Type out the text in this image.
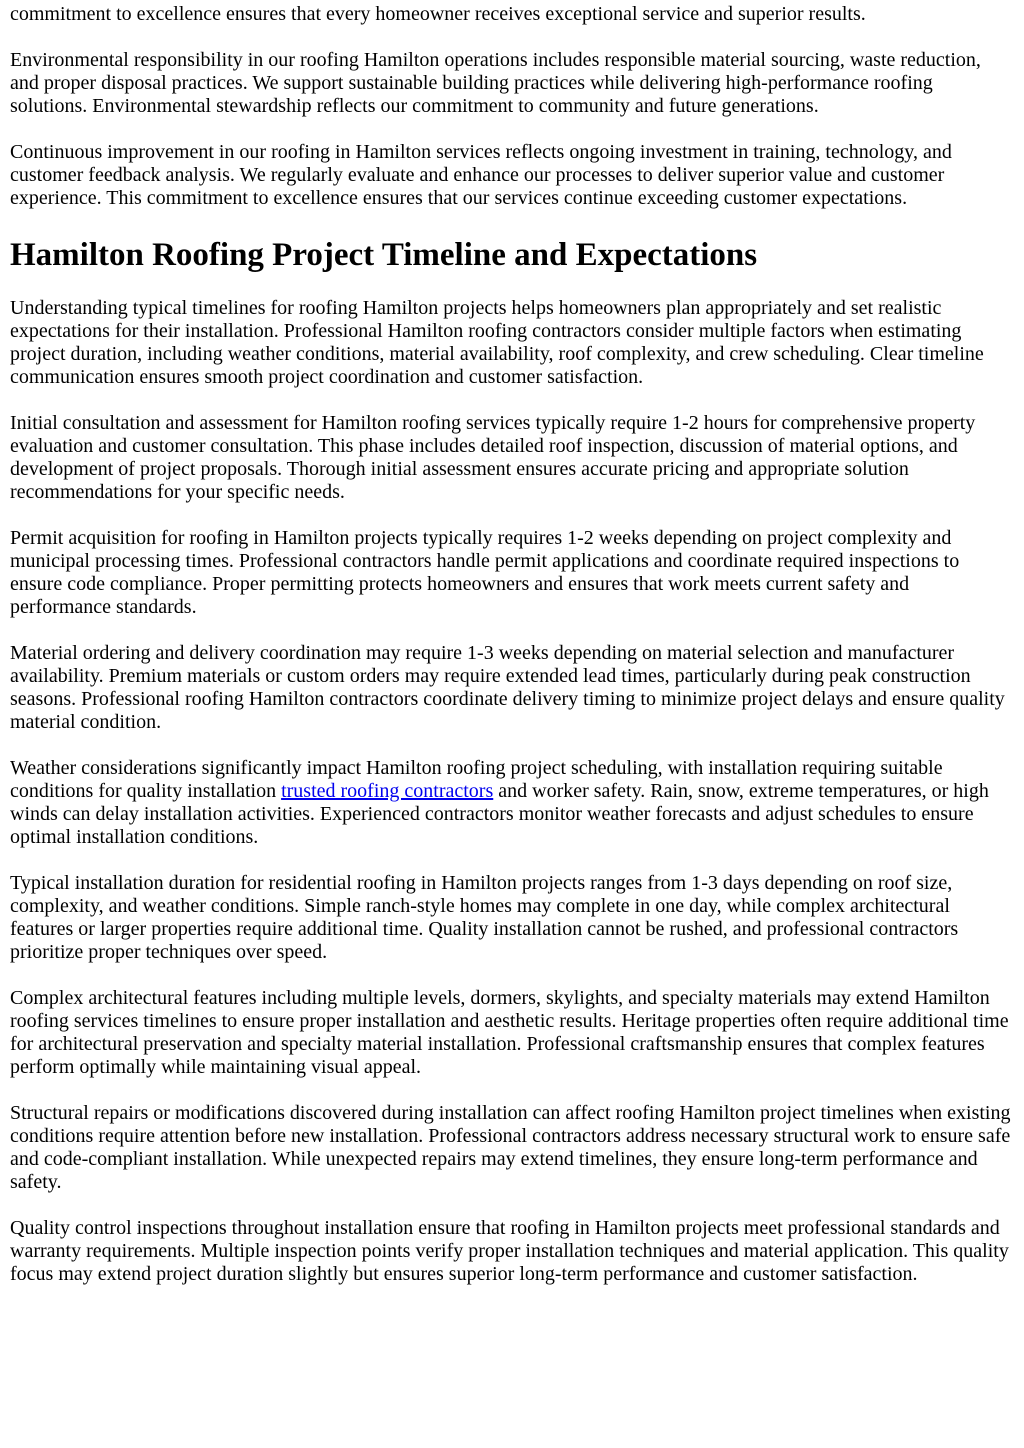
commitment to excellence ensures that every homeowner receives exceptional service and superior results.

Environmental responsibility in our roofing Hamilton operations includes responsible material sourcing, waste reduction, and proper disposal practices. We support sustainable building practices while delivering high-performance roofing solutions. Environmental stewardship reflects our commitment to community and future generations.

Continuous improvement in our roofing in Hamilton services reflects ongoing investment in training, technology, and customer feedback analysis. We regularly evaluate and enhance our processes to deliver superior value and customer experience. This commitment to excellence ensures that our services continue exceeding customer expectations.

Hamilton Roofing Project Timeline and Expectations

Understanding typical timelines for roofing Hamilton projects helps homeowners plan appropriately and set realistic expectations for their installation. Professional Hamilton roofing contractors consider multiple factors when estimating project duration, including weather conditions, material availability, roof complexity, and crew scheduling. Clear timeline communication ensures smooth project coordination and customer satisfaction.

Initial consultation and assessment for Hamilton roofing services typically require 1-2 hours for comprehensive property evaluation and customer consultation. This phase includes detailed roof inspection, discussion of material options, and development of project proposals. Thorough initial assessment ensures accurate pricing and appropriate solution recommendations for your specific needs.

Permit acquisition for roofing in Hamilton projects typically requires 1-2 weeks depending on project complexity and municipal processing times. Professional contractors handle permit applications and coordinate required inspections to ensure code compliance. Proper permitting protects homeowners and ensures that work meets current safety and performance standards.

Material ordering and delivery coordination may require 1-3 weeks depending on material selection and manufacturer availability. Premium materials or custom orders may require extended lead times, particularly during peak construction seasons. Professional roofing Hamilton contractors coordinate delivery timing to minimize project delays and ensure quality material condition.

Weather considerations significantly impact Hamilton roofing project scheduling, with installation requiring suitable conditions for quality installation trusted roofing contractors and worker safety. Rain, snow, extreme temperatures, or high winds can delay installation activities. Experienced contractors monitor weather forecasts and adjust schedules to ensure optimal installation conditions.

Typical installation duration for residential roofing in Hamilton projects ranges from 1-3 days depending on roof size, complexity, and weather conditions. Simple ranch-style homes may complete in one day, while complex architectural features or larger properties require additional time. Quality installation cannot be rushed, and professional contractors prioritize proper techniques over speed.

Complex architectural features including multiple levels, dormers, skylights, and specialty materials may extend Hamilton roofing services timelines to ensure proper installation and aesthetic results. Heritage properties often require additional time for architectural preservation and specialty material installation. Professional craftsmanship ensures that complex features perform optimally while maintaining visual appeal.

Structural repairs or modifications discovered during installation can affect roofing Hamilton project timelines when existing conditions require attention before new installation. Professional contractors address necessary structural work to ensure safe and code-compliant installation. While unexpected repairs may extend timelines, they ensure long-term performance and safety.

Quality control inspections throughout installation ensure that roofing in Hamilton projects meet professional standards and warranty requirements. Multiple inspection points verify proper installation techniques and material application. This quality focus may extend project duration slightly but ensures superior long-term performance and customer satisfaction.
